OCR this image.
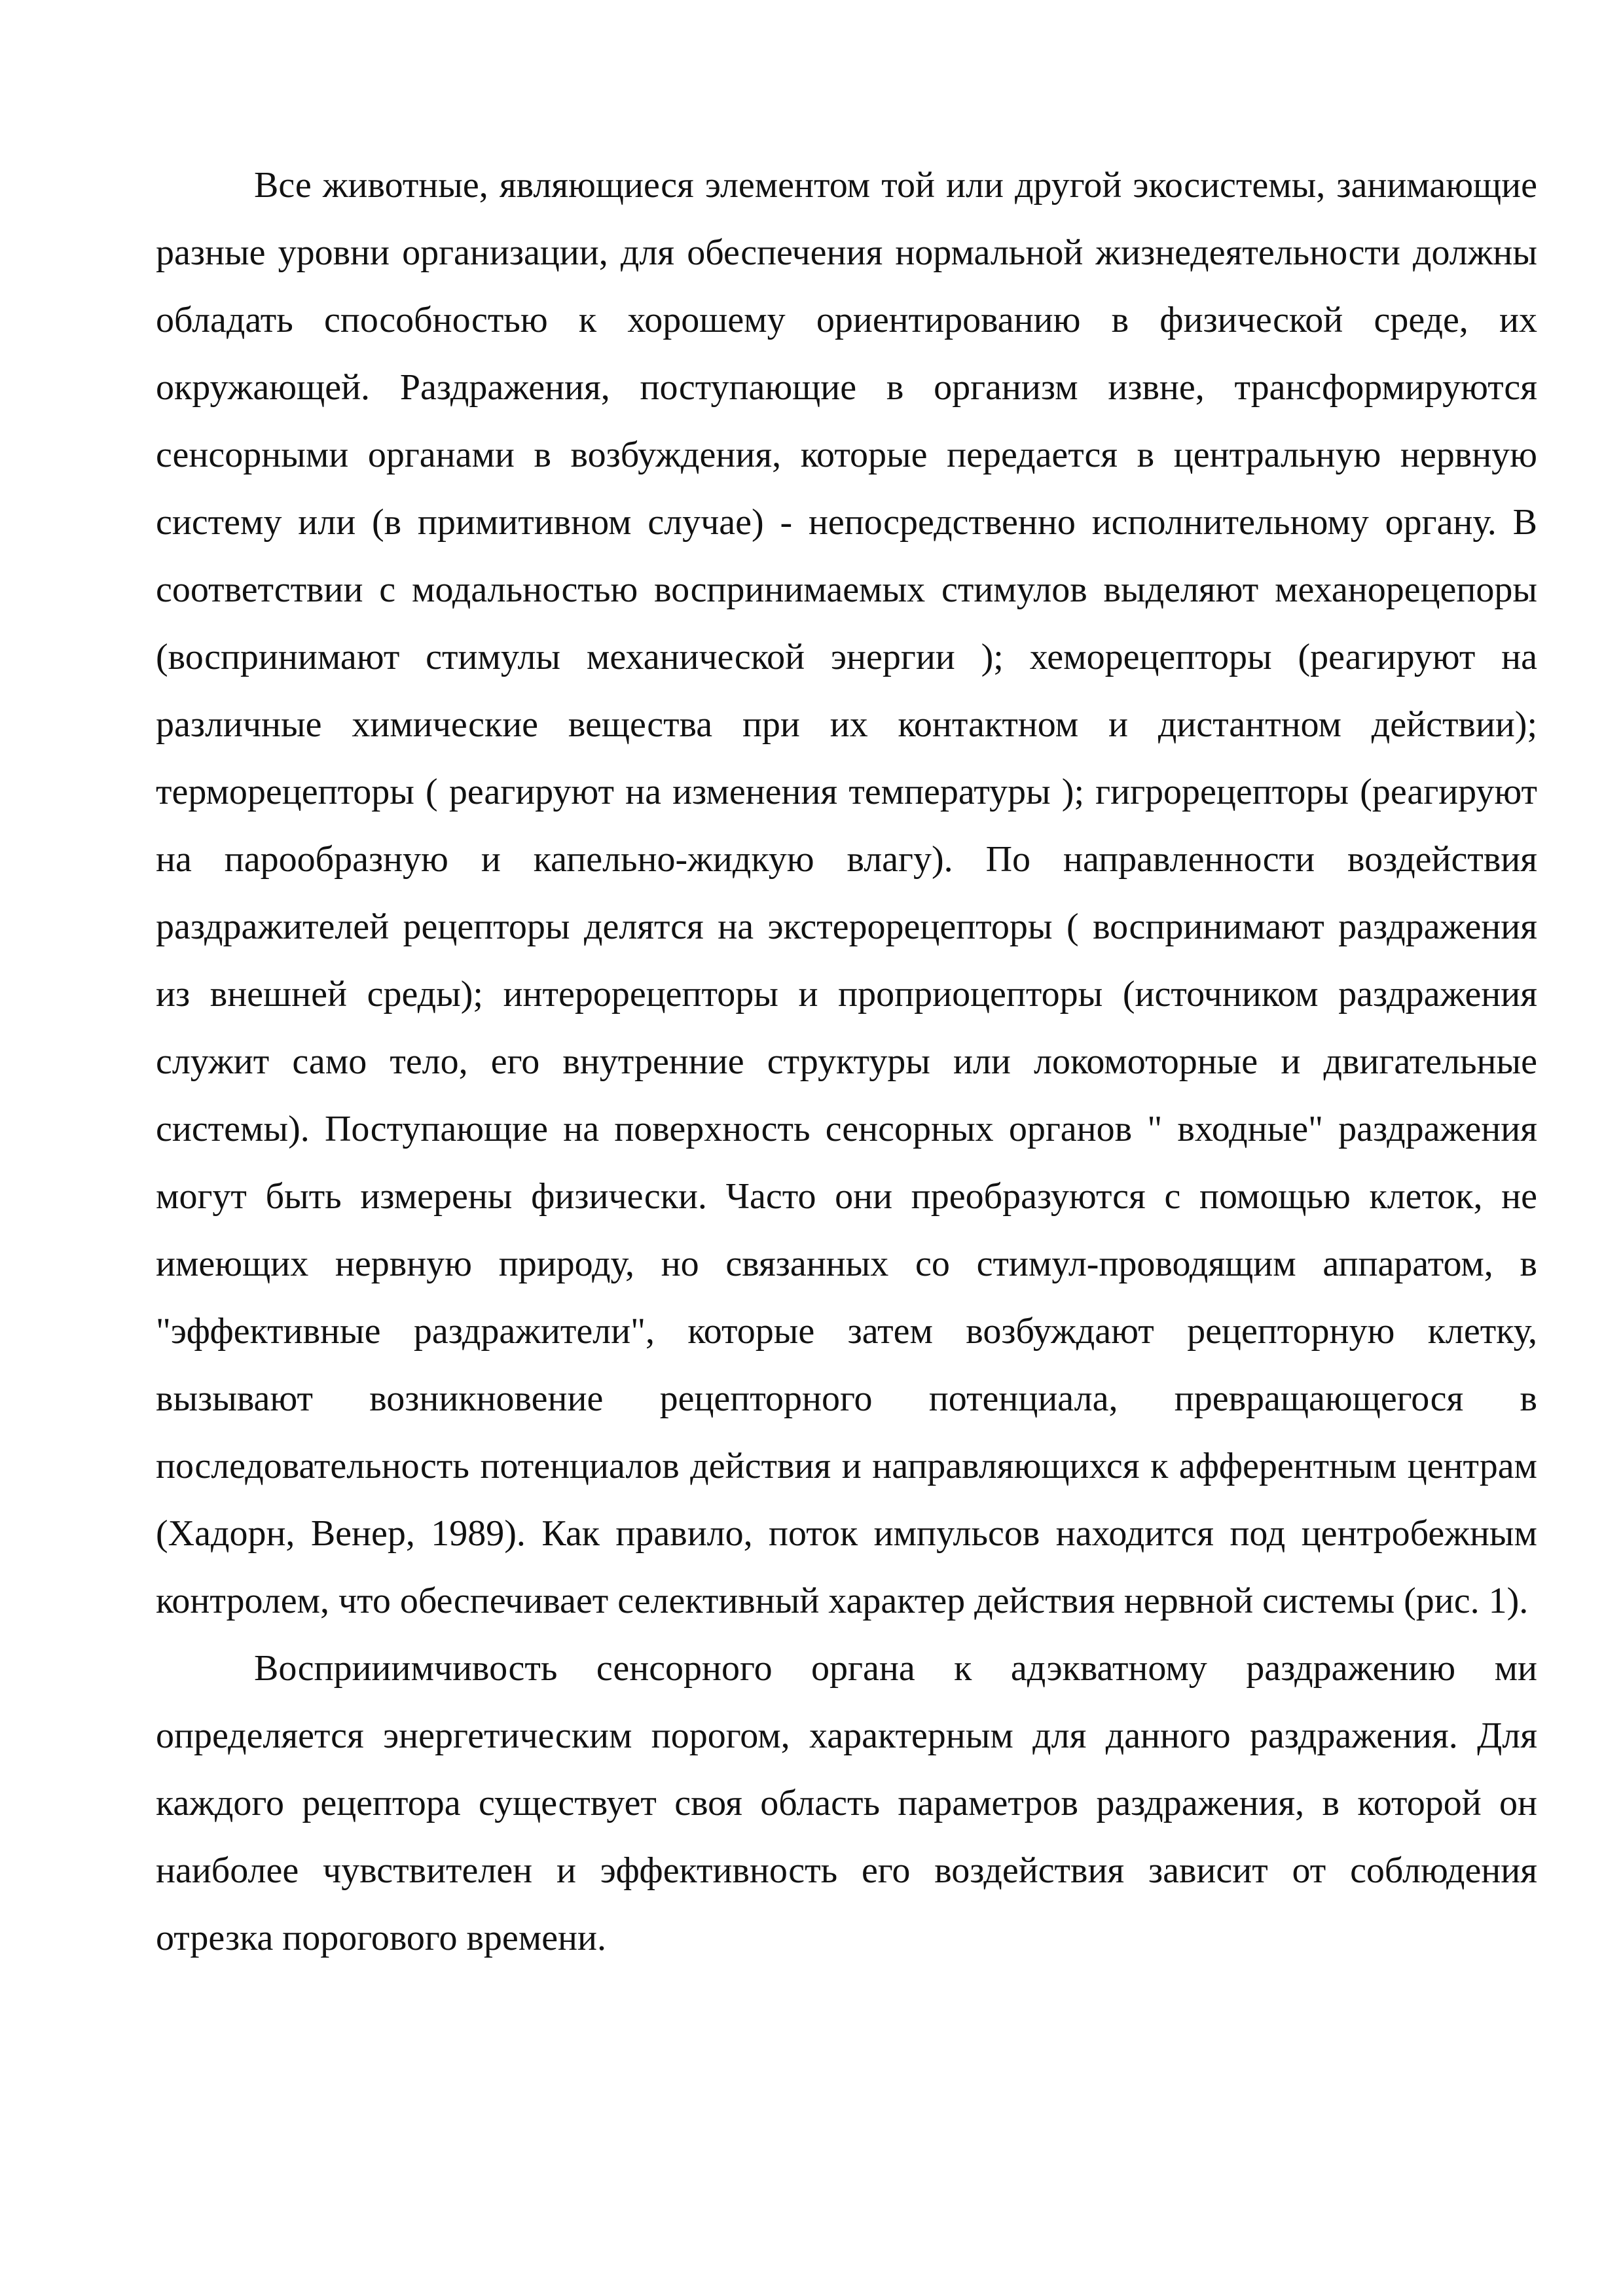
Все животные, являющиеся элементом той или другой экосистемы, занимающие разные уровни организации, для обеспечения нормальной жизнедеятельности должны обладать способностью к хорошему ориентированию в физической среде, их окружающей. Раздражения, поступающие в организм извне, трансформируются сенсорными органами в возбуждения, которые передается в центральную нервную систему или (в примитивном случае) - непосредственно исполнительному органу. В соответствии с модальностью воспринимаемых стимулов выделяют механорецепоры (воспринимают стимулы механической энергии ); хеморецепторы (реагируют на различные химические вещества при их контактном и дистантном действии); терморецепторы ( реагируют на изменения температуры ); гигрорецепторы (реагируют на парообразную и капельно-жидкую влагу). По направленности воздействия раздражителей рецепторы делятся на экстерорецепторы ( воспринимают раздражения из внешней среды); интерорецепторы и проприоцепторы (источником раздражения служит само тело, его внутренние структуры или локомоторные и двигательные системы). Поступающие на поверхность сенсорных органов " входные" раздражения могут быть измерены физически. Часто они преобразуются с помощью клеток, не имеющих нервную природу, но связанных со стимул-проводящим аппаратом, в "эффективные раздражители", которые затем возбуждают рецепторную клетку, вызывают возникновение рецепторного потенциала, превращающегося в последовательность потенциалов действия и направляющихся к афферентным центрам (Хадорн, Венер, 1989). Как правило, поток импульсов находится под центробежным контролем, что обеспечивает селективный характер действия нервной системы (рис. 1).

Восприиимчивость сенсорного органа к адэкватному раздражению ми определяется энергетическим порогом, характерным для данного раздражения. Для каждого рецептора существует своя область параметров раздражения, в которой он наиболее чувствителен и эффективность его воздействия зависит от соблюдения отрезка порогового времени.
